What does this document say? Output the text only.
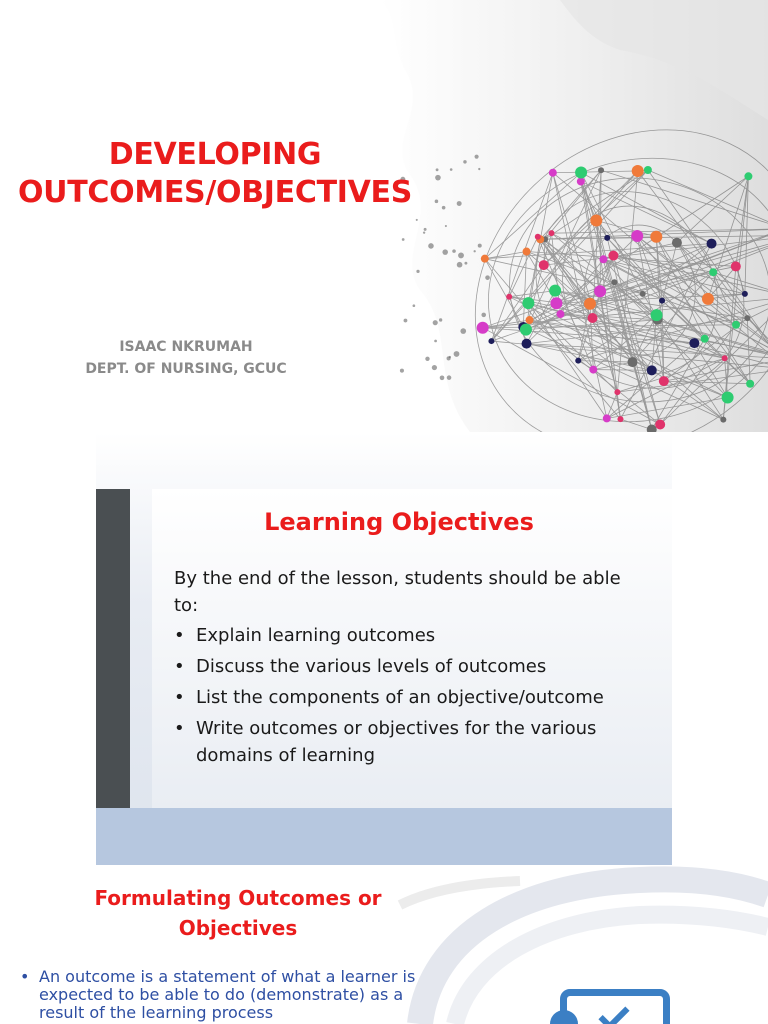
DEVELOPING
OUTCOMES/OBJECTIVES
ISAAC NKRUMAH
DEPT. OF NURSING, GCUC
Learning Objectives
By the end of the lesson, students should be able to:
• Explain learning outcomes
• Discuss the various levels of outcomes
• List the components of an objective/outcome
• Write outcomes or objectives for the various domains of learning
Formulating Outcomes or Objectives
• An outcome is a statement of what a learner is expected to be able to do (demonstrate) as a result of the learning process
